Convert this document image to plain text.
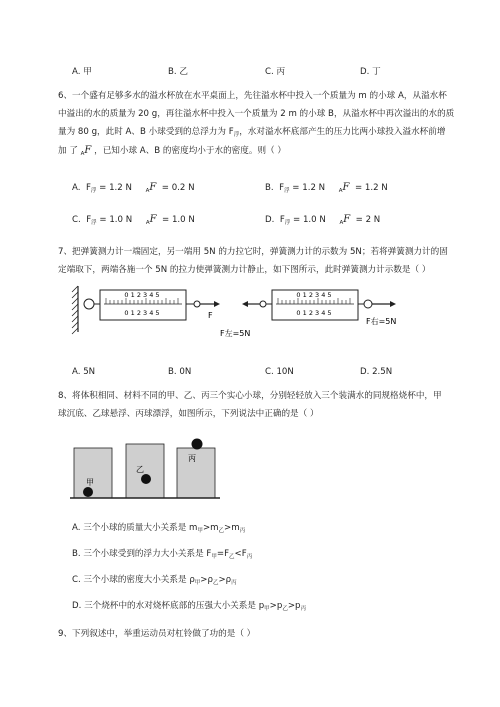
A. 甲	B. 乙	C. 丙	D. 丁
6、一个盛有足够多水的溢水杯放在水平桌面上，先往溢水杯中投入一个质量为 m 的小球 A，从溢水杯
中溢出的水的质量为 20 g，再往溢水杯中投入一个质量为 2 m 的小球 B，从溢水杯中再次溢出的水的质
量为 80 g，此时 A、B 小球受到的总浮力为 $F_浮$，水对溢水杯底部产生的压力比两小球投入溢水杯前增
加 了 $_A$F ，已知小球 A、B 的密度均小于水的密度。则（ ）
A. $F_浮 = 1.2$ N $_A$F = 0.2 N	B. $F_浮 = 1.2$ N $_A$F = 1.2 N
C. $F_浮 = 1.0$ N $_A$F = 1.0 N	D. $F_浮 = 1.0$ N $_A$F = 2 N
7、把弹簧测力计一端固定，另一端用 5N 的力拉它时，弹簧测力计的示数为 5N；若将弹簧测力计的固
定端取下，两端各施一个 5N 的拉力使弹簧测力计静止，如下图所示，此时弹簧测力计示数是（ ）
0 1 2 3 4 5
0 1 2 3 4 5	F
0 1 2 3 4 5
0 1 2 3 4 5
F左=5N
F右=5N
A. 5N	B. 0N	C. 10N	D. 2.5N
8、将体积相同、材料不同的甲、乙、丙三个实心小球，分别轻轻放入三个装满水的同规格烧杯中，甲
球沉底、乙球悬浮、丙球漂浮，如图所示，下列说法中正确的是（ ）
甲
乙
丙
A. 三个小球的质量大小关系是 $m_甲>m_乙>m_丙$
B. 三个小球受到的浮力大小关系是 $F_甲=F_乙<F_丙$
C. 三个小球的密度大小关系是 $\rho_甲>\rho_乙>\rho_丙$
D. 三个烧杯中的水对烧杯底部的压强大小关系是 $p_甲>p_乙>p_丙$
9、下列叙述中，举重运动员对杠铃做了功的是（ ）
